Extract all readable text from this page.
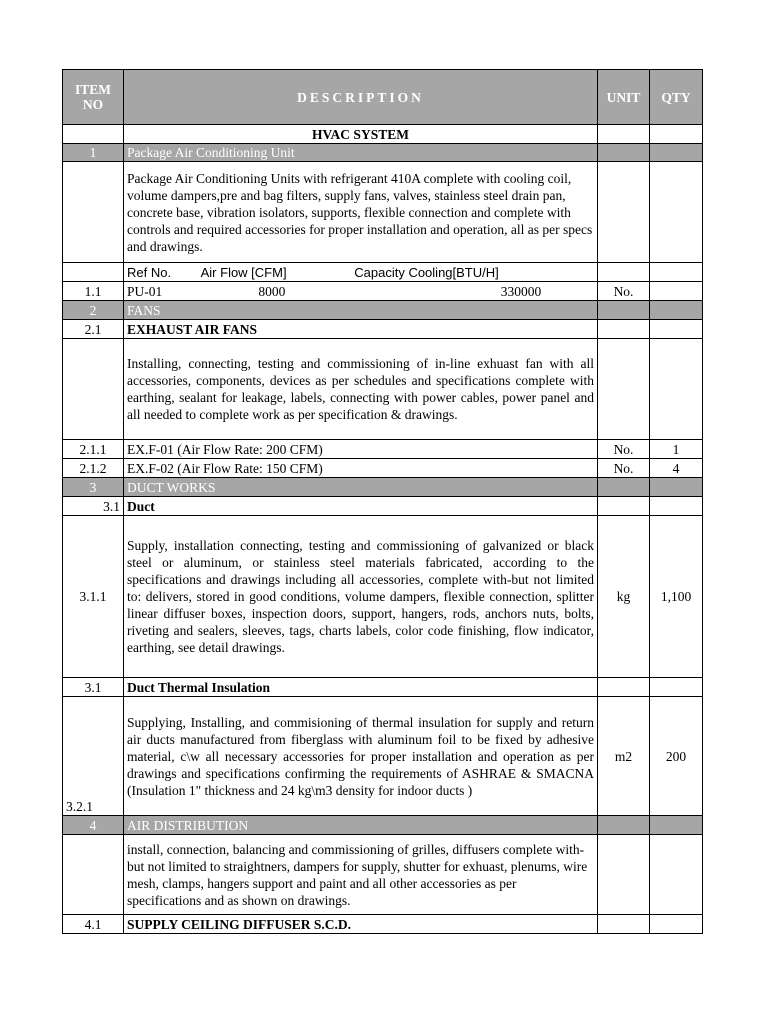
ITEM NO	DESCRIPTION	UNIT	QTY
	HVAC SYSTEM		
1	Package Air Conditioning Unit		
	Package Air Conditioning Units with refrigerant 410A complete with cooling coil, volume dampers,pre and bag filters, supply fans, valves, stainless steel drain pan, concrete base, vibration isolators, supports, flexible connection and complete with controls and required accessories for proper installation and operation, all as per specs and drawings.		
	Ref No. Air Flow [CFM] Capacity Cooling[BTU/H]		
1.1	PU-01 8000 330000	No.	
2	FANS		
2.1	EXHAUST AIR FANS		
	Installing, connecting, testing and commissioning of in-line exhuast fan with all accessories, components, devices as per schedules and specifications complete with earthing, sealant for leakage, labels, connecting with power cables, power panel and all needed to complete work as per specification & drawings.		
2.1.1	EX.F-01 (Air Flow Rate: 200 CFM)	No.	1
2.1.2	EX.F-02 (Air Flow Rate: 150 CFM)	No.	4
3	DUCT WORKS		
3.1	Duct		
3.1.1	Supply, installation connecting, testing and commissioning of galvanized or black steel or aluminum, or stainless steel materials fabricated, according to the specifications and drawings including all accessories, complete with-but not limited to: delivers, stored in good conditions, volume dampers, flexible connection, splitter linear diffuser boxes, inspection doors, support, hangers, rods, anchors nuts, bolts, riveting and sealers, sleeves, tags, charts labels, color code finishing, flow indicator, earthing, see detail drawings.	kg	1,100
3.1	Duct Thermal Insulation		
3.2.1	Supplying, Installing, and commisioning of thermal insulation for supply and return air ducts manufactured from fiberglass with aluminum foil to be fixed by adhesive material, c\w all necessary accessories for proper installation and operation as per drawings and specifications confirming the requirements of ASHRAE & SMACNA (Insulation 1" thickness and 24 kg\m3 density for indoor ducts )	m2	200
4	AIR DISTRIBUTION		
	install, connection, balancing and commissioning of grilles, diffusers complete with-but not limited to straightners, dampers for supply, shutter for exhuast, plenums, wire mesh, clamps, hangers support and paint and all other accessories as per specifications and as shown on drawings.		
4.1	SUPPLY CEILING DIFFUSER S.C.D.		
